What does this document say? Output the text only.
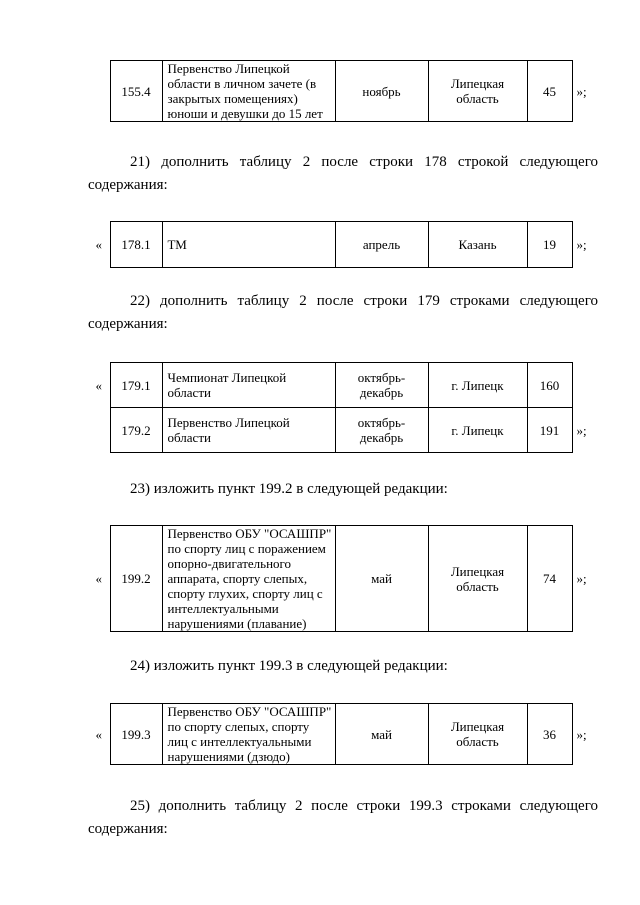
	155.4	
Первенство Липецкой
области в личном зачете (в
закрытых помещениях)
юноши и девушки до 15 лет

ноябрь	Липецкая
область	45	»;
21) дополнить таблицу 2 после строки 178 строкой следующего
содержания:
«	178.1	ТМ	апрель	Казань	19	»;
22) дополнить таблицу 2 после строки 179 строками следующего
содержания:
«	179.1	Чемпионат Липецкой
области	октябрь-
декабрь	г. Липецк	160	
	179.2	Первенство Липецкой
области	октябрь-
декабрь	г. Липецк	191	»;
23) изложить пункт 199.2 в следующей редакции:
«	199.2	
Первенство ОБУ "ОСАШПР"
по спорту лиц с поражением
опорно-двигательного
аппарата, спорту слепых,
спорту глухих, спорту лиц с
интеллектуальными
нарушениями (плавание)

май	Липецкая
область	74	»;
24) изложить пункт 199.3 в следующей редакции:
«	199.3	
Первенство ОБУ "ОСАШПР"
по спорту слепых, спорту
лиц с интеллектуальными
нарушениями (дзюдо)

май	Липецкая
область	36	»;
25) дополнить таблицу 2 после строки 199.3 строками следующего
содержания:
